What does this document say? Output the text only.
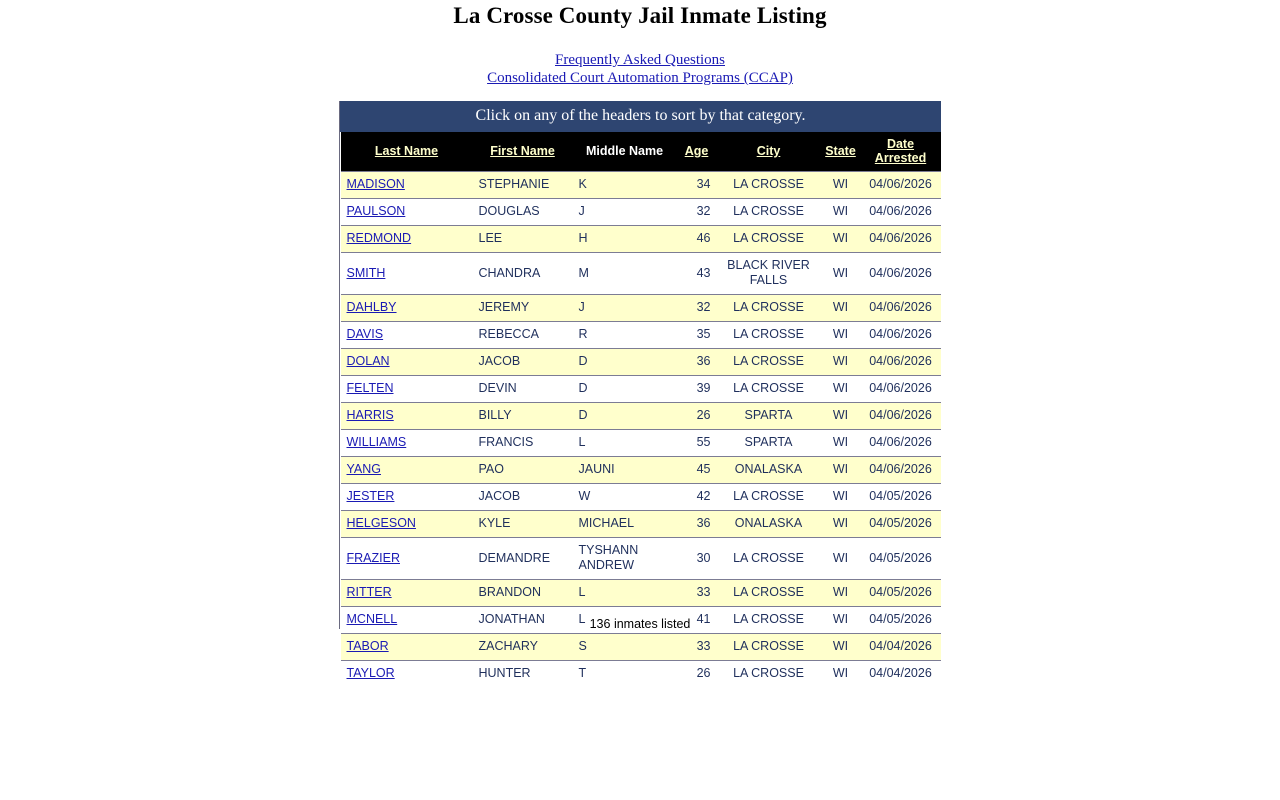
La Crosse County Jail Inmate Listing
Frequently Asked Questions
Consolidated Court Automation Programs (CCAP)
Click on any of the headers to sort by that category.						
Last Name	First Name	Middle Name	Age	City	State	Date Arrested
MADISON	STEPHANIE	K	34	LA CROSSE	WI	04/06/2026
PAULSON	DOUGLAS	J	32	LA CROSSE	WI	04/06/2026
REDMOND	LEE	H	46	LA CROSSE	WI	04/06/2026
SMITH	CHANDRA	M	43	BLACK RIVER FALLS	WI	04/06/2026
DAHLBY	JEREMY	J	32	LA CROSSE	WI	04/06/2026
DAVIS	REBECCA	R	35	LA CROSSE	WI	04/06/2026
DOLAN	JACOB	D	36	LA CROSSE	WI	04/06/2026
FELTEN	DEVIN	D	39	LA CROSSE	WI	04/06/2026
HARRIS	BILLY	D	26	SPARTA	WI	04/06/2026
WILLIAMS	FRANCIS	L	55	SPARTA	WI	04/06/2026
YANG	PAO	JAUNI	45	ONALASKA	WI	04/06/2026
JESTER	JACOB	W	42	LA CROSSE	WI	04/05/2026
HELGESON	KYLE	MICHAEL	36	ONALASKA	WI	04/05/2026
FRAZIER	DEMANDRE	TYSHANN ANDREW	30	LA CROSSE	WI	04/05/2026
RITTER	BRANDON	L	33	LA CROSSE	WI	04/05/2026
MCNELL	JONATHAN	L	41	LA CROSSE	WI	04/05/2026
TABOR	ZACHARY	S	33	LA CROSSE	WI	04/04/2026
TAYLOR	HUNTER	T	26	LA CROSSE	WI	04/04/2026
136 inmates listed
